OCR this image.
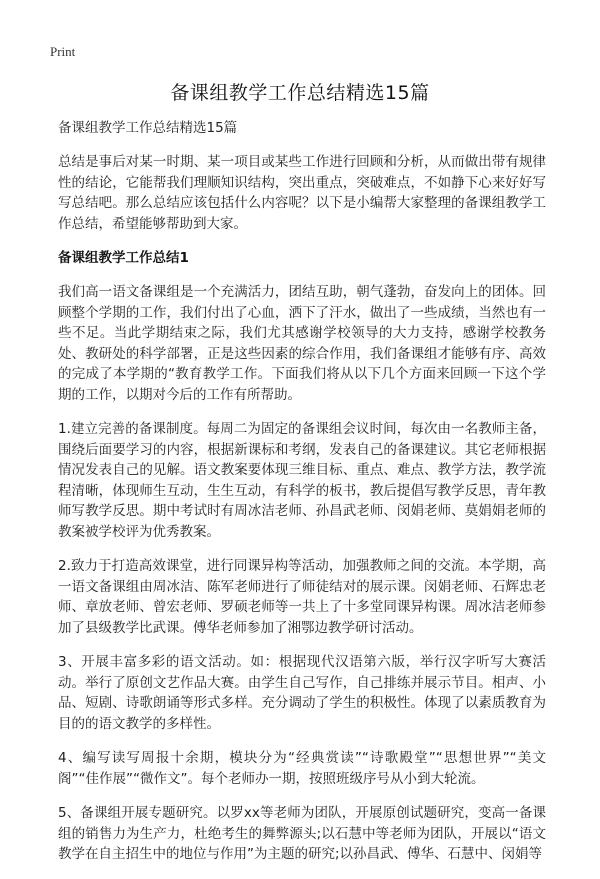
Print
备课组教学工作总结精选15篇

备课组教学工作总结精选15篇

总结是事后对某一时期、某一项目或某些工作进行回顾和分析，从而做出带有规律性的结论，它能帮我们理顺知识结构，突出重点，突破难点，不如静下心来好好写写总结吧。那么总结应该包括什么内容呢？以下是小编帮大家整理的备课组教学工作总结，希望能够帮助到大家。

备课组教学工作总结1

我们高一语文备课组是一个充满活力，团结互助，朝气蓬勃，奋发向上的团体。回顾整个学期的工作，我们付出了心血，洒下了汗水，做出了一些成绩，当然也有一些不足。当此学期结束之际，我们尤其感谢学校领导的大力支持，感谢学校教务处、教研处的科学部署，正是这些因素的综合作用，我们备课组才能够有序、高效的完成了本学期的“教育教学工作。下面我们将从以下几个方面来回顾一下这个学期的工作，以期对今后的工作有所帮助。

1.建立完善的备课制度。每周二为固定的备课组会议时间，每次由一名教师主备，围绕后面要学习的内容，根据新课标和考纲，发表自己的备课建议。其它老师根据情况发表自己的见解。语文教案要体现三维目标、重点、难点、教学方法，教学流程清晰，体现师生互动，生生互动，有科学的板书，教后提倡写教学反思，青年教师写教学反思。期中考试时有周冰洁老师、孙昌武老师、闵娟老师、莫娟娟老师的教案被学校评为优秀教案。

2.致力于打造高效课堂，进行同课异构等活动，加强教师之间的交流。本学期，高一语文备课组由周冰洁、陈军老师进行了师徒结对的展示课。闵娟老师、石辉忠老师、章放老师、曾宏老师、罗硕老师等一共上了十多堂同课异构课。周冰洁老师参加了县级教学比武课。傅华老师参加了湘鄂边教学研讨活动。

3、开展丰富多彩的语文活动。如：根据现代汉语第六版，举行汉字听写大赛活动。举行了原创文艺作品大赛。由学生自己写作，自己排练并展示节目。相声、小品、短剧、诗歌朗诵等形式多样。充分调动了学生的积极性。体现了以素质教育为目的的语文教学的多样性。

4、编写读写周报十余期，模块分为“经典赏读”“诗歌殿堂”“思想世界”“美文阁”“佳作展”“微作文”。每个老师办一期，按照班级序号从小到大轮流。

5、备课组开展专题研究。以罗xx等老师为团队，开展原创试题研究，变高一备课组的销售力为生产力，杜绝考生的舞弊源头;以石慧中等老师为团队，开展以“语文教学在自主招生中的地位与作用”为主题的研究;以孙昌武、傅华、石慧中、闵娟等
